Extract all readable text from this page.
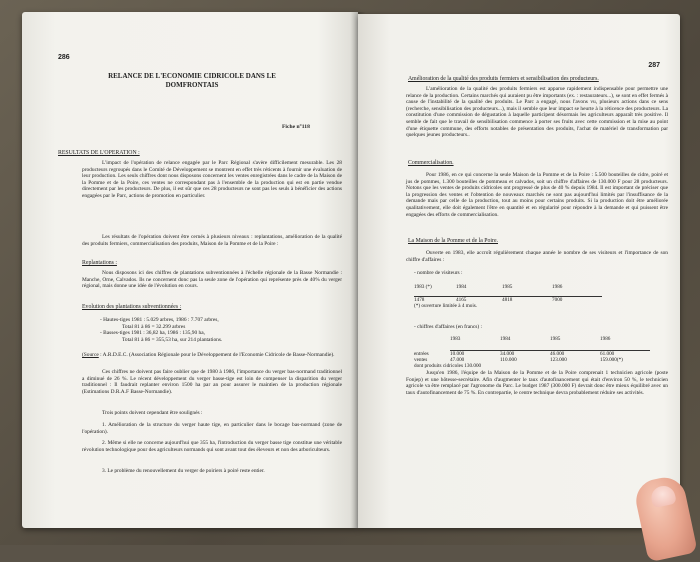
286
RELANCE DE L'ECONOMIE CIDRICOLE DANS LE
DOMFRONTAIS
Fiche n°118
RESULTATS DE L'OPERATION :

L'impact de l'opération de relance engagée par le Parc Régional s'avère difficilement mesurable. Les 28 producteurs regroupés dans le Comité de Développement se montrent en effet très réticents à fournir une évaluation de leur production. Les seuls chiffres dont nous disposons concernent les ventes enregistrées dans le cadre de la Maison de la Pomme et de la Poire, ces ventes ne correspondant pas à l'ensemble de la production qui est en partie vendue directement par les producteurs. De plus, il est sûr que ces 28 producteurs ne sont pas les seuls à bénéficier des actions engagées par le Parc, actions de promotion en particulier.

Les résultats de l'opération doivent être cernés à plusieurs niveaux : replantations, amélioration de la qualité des produits fermiers, commercialisation des produits, Maison de la Pomme et de la Poire :

Replantations :

Nous disposons ici des chiffres de plantations subventionnées à l'échelle régionale de la Basse Normandie : Manche, Orne, Calvados. Ils ne concernent donc pas la seule zone de l'opération qui représente près de 40% du verger régional, mais donne une idée de l'évolution en cours.

Evolution des plantations subventionnées :

- Hautes-tiges 1981 : 5.029 arbres, 1986 : 7.707 arbres,

Total 81 à 86 = 32.299 arbres

- Basses-tiges 1981 : 36,82 ha, 1986 : 135,90 ha,

Total 81 à 86 = 355,53 ha, sur 214 plantations.

(Source : A.R.D.E.C. (Association Régionale pour le Développement de l'Economie Cidricole de Basse-Normandie).

Ces chiffres ne doivent pas faire oublier que de 1980 à 1986, l'importance du verger bas-normand traditionnel a diminué de 26 %. Le récent développement du verger basse-tige est loin de compenser la disparition du verger traditionnel : Il faudrait replanter environ 1500 ha par an pour assurer le maintien de la production régionale (Estimations D.R.A.F Basse-Normandie).

Trois points doivent cependant être soulignés :

1. Amélioration de la structure du verger haute tige, en particulier dans le bocage bas-normand (zone de l'opération).

2. Même si elle ne concerne aujourd'hui que 355 ha, l'introduction du verger basse tige constitue une véritable révolution technologique pour des agriculteurs normands qui sont avant tout des éleveurs et non des arboriculteurs.

3. Le problème du renouvellement du verger de poiriers à poiré reste entier.

287
Amélioration de la qualité des produits fermiers et sensibilisation des producteurs.

L'amélioration de la qualité des produits fermiers est apparue rapidement indispensable pour permettre une relance de la production. Certains marchés qui auraient pu être importants (ex. : restaurateurs...), se sont en effet fermés à cause de l'instabilité de la qualité des produits. Le Parc a engagé, nous l'avons vu, plusieurs actions dans ce sens (recherche, sensibilisation des producteurs...), mais il semble que leur impact se heurte à la réticence des producteurs. La constitution d'une commission de dégustation à laquelle participent désormais les agriculteurs apparaît très positive. Il semble de fait que le travail de sensibilisation commence à porter ses fruits avec cette commission et la mise au point d'une étiquette commune, des efforts notables de présentation des produits, l'achat de matériel de transformation par quelques jeunes producteurs..

Commercialisation.

Pour 1986, en ce qui concerne la seule Maison de la Pomme et de la Poire : 5.500 bouteilles de cidre, poiré et jus de pommes, 1.300 bouteilles de pommeau et calvados, soit un chiffre d'affaires de 130.000 F pour 28 producteurs. Notons que les ventes de produits cidricoles ont progressé de plus de 40 % depuis 1984. Il est important de préciser que la progression des ventes et l'obtention de nouveaux marchés ne sont pas aujourd'hui limités par l'insuffisance de la demande mais par celle de la production, tout au moins pour certains produits. Si la production doit être améliorée qualitativement, elle doit également l'être en quantité et en régularité pour répondre à la demande et qui puissent être engagées des efforts de commercialisation.

La Maison de la Pomme et de la Poire.

Ouverte en 1983, elle accroît régulièrement chaque année le nombre de ses visiteurs et l'importance de son chiffre d'affaires :

- nombre de visiteurs :
1983 (*)	1984	1985	1986

1478	4165	4818	7000
(*) ouverture limitée à 4 mois.			
- chiffres d'affaires (en francs) :
	1983	1984	1985	1986

entrées	10.000	34.000	46.000	61.000
ventes	47.000	110.000	123.000	159.000(*)
dont produits cidricoles 130.000				

Jusqu'en 1986, l'équipe de la Maison de la Pomme et de la Poire comprenait 1 technicien agricole (poste Fonjep) et une hôtesse-secrétaire. Afin d'augmenter le taux d'autofinancement qui était d'environ 50 %, le technicien agricole va être remplacé par l'agronome du Parc. Le budget 1987 (300.000 F) devrait donc être mieux équilibré avec un taux d'autofinancement de 75 %. En contrepartie, le centre technique devra probablement réduire ses activités.
